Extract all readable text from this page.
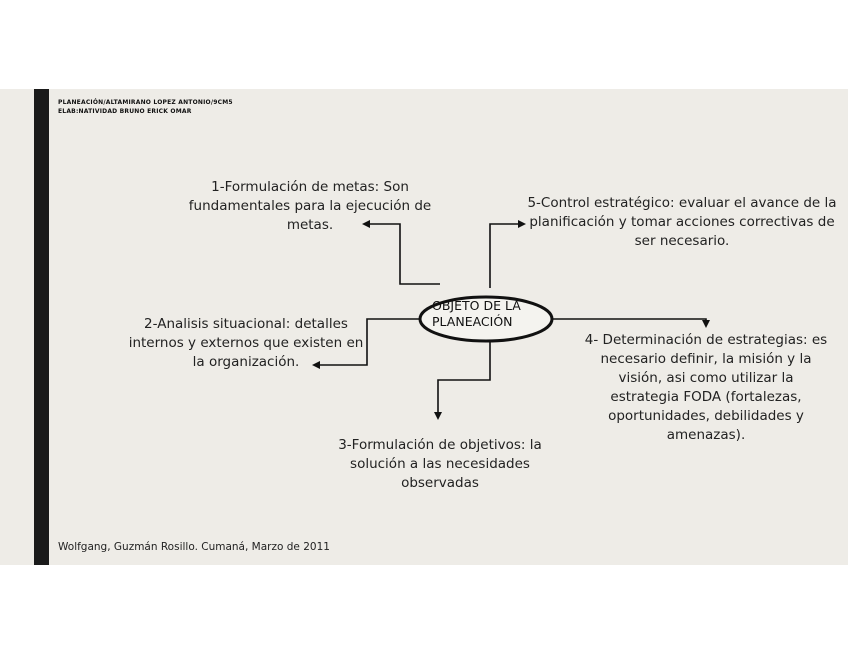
PLANEACIÓN/ALTAMIRANO LOPEZ ANTONIO/9CM5
ELAB:NATIVIDAD BRUNO ERICK OMAR
OBJETO DE LA
PLANEACIÓN
1-Formulación de metas: Son
fundamentales para la ejecución de
metas.
5-Control estratégico: evaluar el avance de la
planificación y tomar acciones correctivas de
ser necesario.
2-Analisis situacional: detalles
internos y externos que existen en
la organización.
4- Determinación de estrategias: es
necesario definir, la misión y la
visión, asi como utilizar la
estrategia FODA (fortalezas,
oportunidades, debilidades y
amenazas).
3-Formulación de objetivos: la
solución a las necesidades
observadas
Wolfgang, Guzmán Rosillo. Cumaná, Marzo de 2011
